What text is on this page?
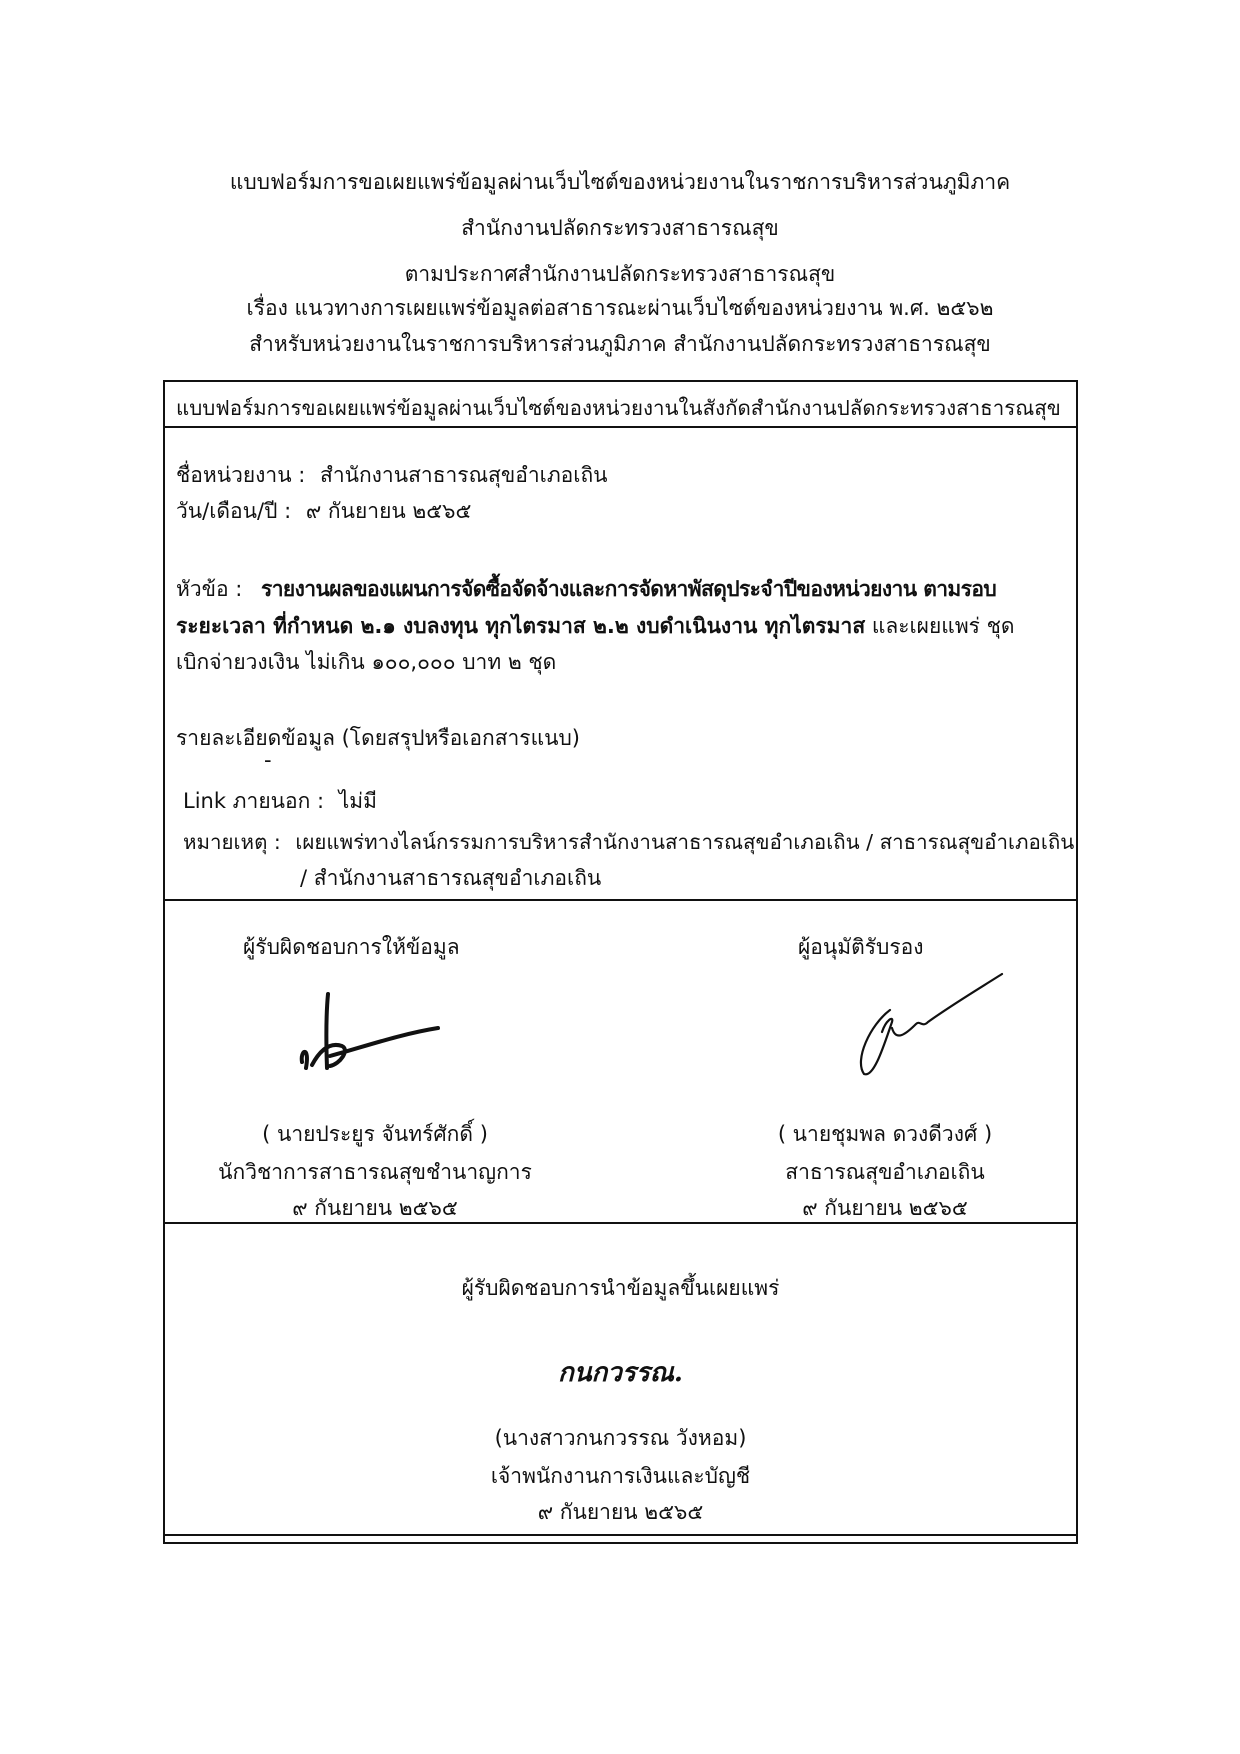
แบบฟอร์มการขอเผยแพร่ข้อมูลผ่านเว็บไซต์ของหน่วยงานในราชการบริหารส่วนภูมิภาค
สำนักงานปลัดกระทรวงสาธารณสุข
ตามประกาศสำนักงานปลัดกระทรวงสาธารณสุข
เรื่อง แนวทางการเผยแพร่ข้อมูลต่อสาธารณะผ่านเว็บไซต์ของหน่วยงาน พ.ศ. ๒๕๖๒
สำหรับหน่วยงานในราชการบริหารส่วนภูมิภาค สำนักงานปลัดกระทรวงสาธารณสุข
แบบฟอร์มการขอเผยแพร่ข้อมูลผ่านเว็บไซต์ของหน่วยงานในสังกัดสำนักงานปลัดกระทรวงสาธารณสุข
ชื่อหน่วยงาน : สำนักงานสาธารณสุขอำเภอเถิน
วัน/เดือน/ปี : ๙ กันยายน ๒๕๖๕
หัวข้อ : รายงานผลของแผนการจัดซื้อจัดจ้างและการจัดหาพัสดุประจำปีของหน่วยงาน ตามรอบ
ระยะเวลา ที่กำหนด ๒.๑ งบลงทุน ทุกไตรมาส ๒.๒ งบดำเนินงาน ทุกไตรมาส และเผยแพร่ ชุด
เบิกจ่ายวงเงิน ไม่เกิน ๑๐๐,๐๐๐ บาท ๒ ชุด
รายละเอียดข้อมูล (โดยสรุปหรือเอกสารแนบ)
-
Link ภายนอก : ไม่มี
หมายเหตุ : เผยแพร่ทางไลน์กรรมการบริหารสำนักงานสาธารณสุขอำเภอเถิน / สาธารณสุขอำเภอเถิน
/ สำนักงานสาธารณสุขอำเภอเถิน
ผู้รับผิดชอบการให้ข้อมูล
( นายประยูร จันทร์ศักดิ์ )
นักวิชาการสาธารณสุขชำนาญการ
๙ กันยายน ๒๕๖๕
ผู้อนุมัติรับรอง
( นายชุมพล ดวงดีวงศ์ )
สาธารณสุขอำเภอเถิน
๙ กันยายน ๒๕๖๕
ผู้รับผิดชอบการนำข้อมูลขึ้นเผยแพร่
กนกวรรณ.
(นางสาวกนกวรรณ วังหอม)
เจ้าพนักงานการเงินและบัญชี
๙ กันยายน ๒๕๖๕
